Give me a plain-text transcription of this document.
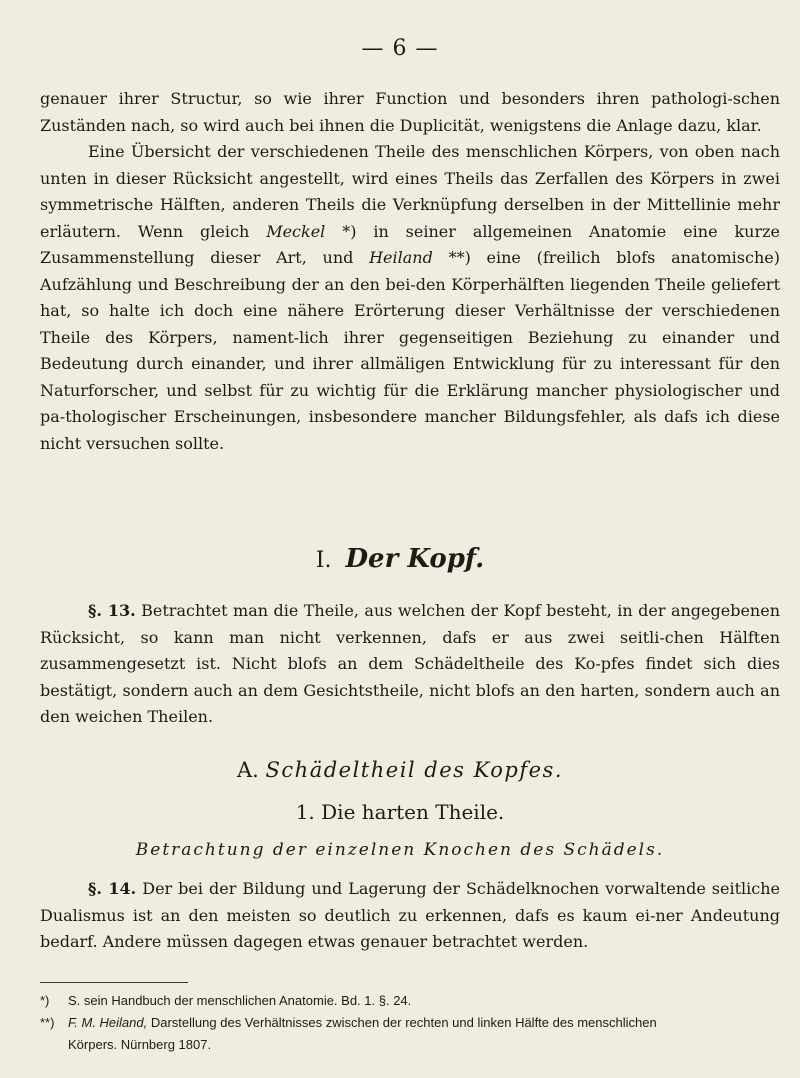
— 6 —

genauer ihrer Structur, so wie ihrer Function und besonders ihren pathologi-schen Zuständen nach, so wird auch bei ihnen die Duplicität, wenigstens die Anlage dazu, klar.

Eine Übersicht der verschiedenen Theile des menschlichen Körpers, von oben nach unten in dieser Rücksicht angestellt, wird eines Theils das Zerfallen des Körpers in zwei symmetrische Hälften, anderen Theils die Verknüpfung derselben in der Mittellinie mehr erläutern. Wenn gleich Meckel *) in seiner allgemeinen Anatomie eine kurze Zusammenstellung dieser Art, und Heiland **) eine (freilich blofs anatomische) Aufzählung und Beschreibung der an den bei-den Körperhälften liegenden Theile geliefert hat, so halte ich doch eine nähere Erörterung dieser Verhältnisse der verschiedenen Theile des Körpers, nament-lich ihrer gegenseitigen Beziehung zu einander und Bedeutung durch einander, und ihrer allmäligen Entwicklung für zu interessant für den Naturforscher, und selbst für zu wichtig für die Erklärung mancher physiologischer und pa-thologischer Erscheinungen, insbesondere mancher Bildungsfehler, als dafs ich diese nicht versuchen sollte.

I. Der Kopf.

§. 13. Betrachtet man die Theile, aus welchen der Kopf besteht, in der angegebenen Rücksicht, so kann man nicht verkennen, dafs er aus zwei seitli-chen Hälften zusammengesetzt ist. Nicht blofs an dem Schädeltheile des Ko-pfes findet sich dies bestätigt, sondern auch an dem Gesichtstheile, nicht blofs an den harten, sondern auch an den weichen Theilen.

A. Schädeltheil des Kopfes.
1. Die harten Theile.
Betrachtung der einzelnen Knochen des Schädels.

§. 14. Der bei der Bildung und Lagerung der Schädelknochen vorwaltende seitliche Dualismus ist an den meisten so deutlich zu erkennen, dafs es kaum ei-ner Andeutung bedarf. Andere müssen dagegen etwas genauer betrachtet werden.

*) S. sein Handbuch der menschlichen Anatomie. Bd. 1. §. 24.

**) F. M. Heiland, Darstellung des Verhältnisses zwischen der rechten und linken Hälfte des menschlichen

Körpers. Nürnberg 1807.
